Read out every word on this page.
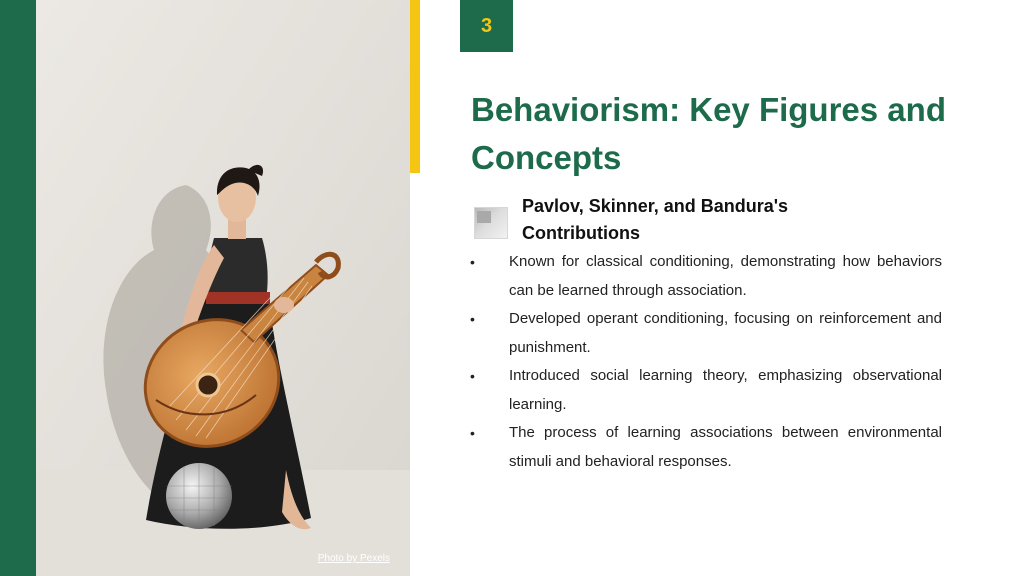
Photo by Pexels
3
Behaviorism: Key Figures and Concepts
Pavlov, Skinner, and Bandura's Contributions
• Known for classical conditioning, demonstrating how behaviors can be learned through association.
• Developed operant conditioning, focusing on reinforcement and punishment.
• Introduced social learning theory, emphasizing observational learning.
• The process of learning associations between environmental stimuli and behavioral responses.
